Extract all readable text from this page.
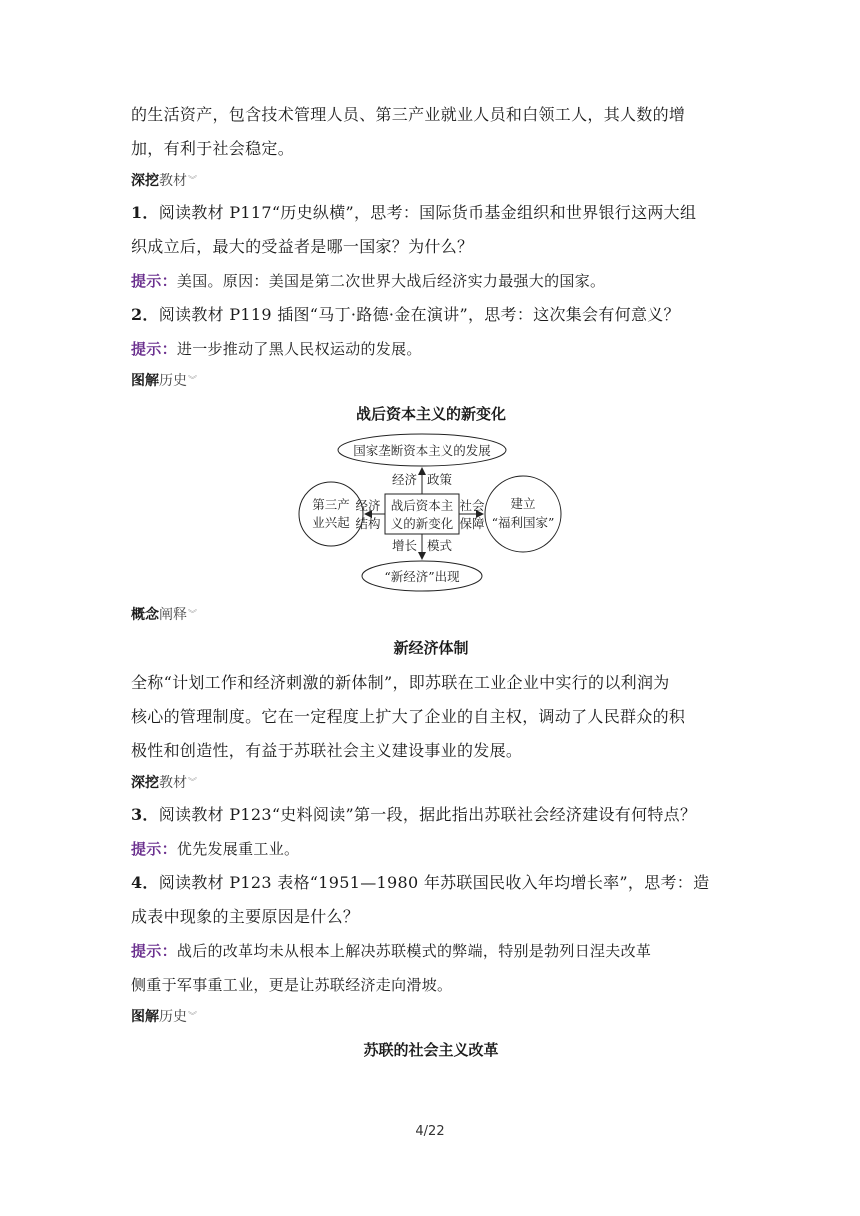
的生活资产，包含技术管理人员、第三产业就业人员和白领工人，其人数的增

加，有利于社会稳定。

深挖教材︾

1．阅读教材 P117“历史纵横”，思考：国际货币基金组织和世界银行这两大组

织成立后，最大的受益者是哪一国家？为什么？

提示：美国。原因：美国是第二次世界大战后经济实力最强大的国家。

2．阅读教材 P119 插图“马丁·路德·金在演讲”，思考：这次集会有何意义？

提示：进一步推动了黑人民权运动的发展。

图解历史︾

战后资本主义的新变化

国家垄断资本主义的发展
“新经济”出现
第三产
业兴起
建立
“福利国家”
战后资本主
义的新变化
经济 政策
增长 模式
经济
结构
社会
保障

概念阐释︾

新经济体制

全称“计划工作和经济刺激的新体制”，即苏联在工业企业中实行的以利润为

核心的管理制度。它在一定程度上扩大了企业的自主权，调动了人民群众的积

极性和创造性，有益于苏联社会主义建设事业的发展。

深挖教材︾

3．阅读教材 P123“史料阅读”第一段，据此指出苏联社会经济建设有何特点？

提示：优先发展重工业。

4．阅读教材 P123 表格“1951—1980 年苏联国民收入年均增长率”，思考：造

成表中现象的主要原因是什么？

提示：战后的改革均未从根本上解决苏联模式的弊端，特别是勃列日涅夫改革

侧重于军事重工业，更是让苏联经济走向滑坡。

图解历史︾

苏联的社会主义改革

4/22
